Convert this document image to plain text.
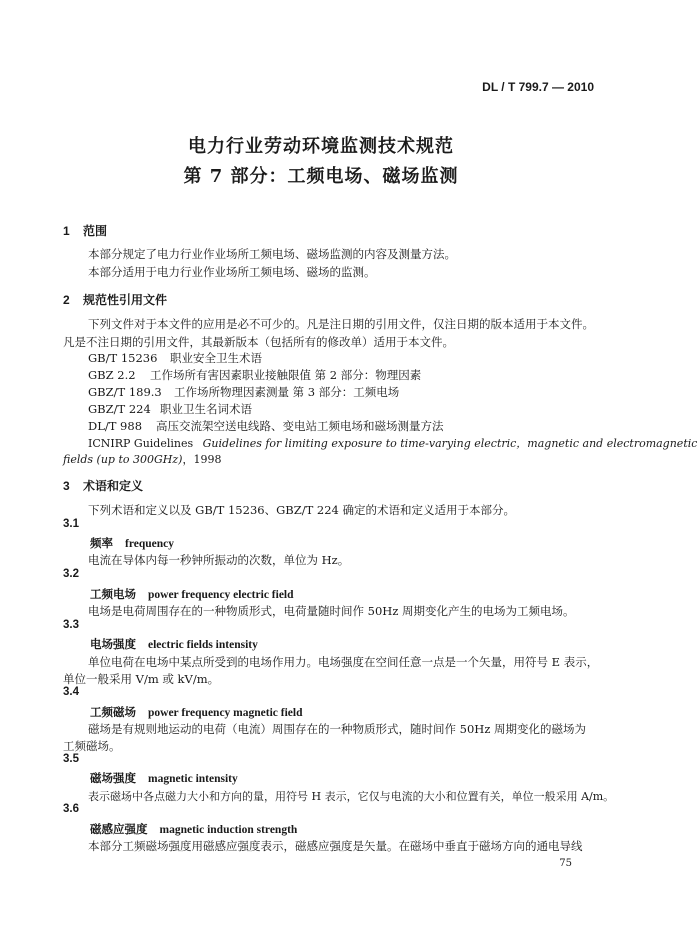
DL / T 799.7 — 2010
电力行业劳动环境监测技术规范
第 7 部分：工频电场、磁场监测
1 范围
本部分规定了电力行业作业场所工频电场、磁场监测的内容及测量方法。
本部分适用于电力行业作业场所工频电场、磁场的监测。
2 规范性引用文件
下列文件对于本文件的应用是必不可少的。凡是注日期的引用文件，仅注日期的版本适用于本文件。
凡是不注日期的引用文件，其最新版本（包括所有的修改单）适用于本文件。
GB/T 15236 职业安全卫生术语
GBZ 2.2 工作场所有害因素职业接触限值 第 2 部分：物理因素
GBZ/T 189.3 工作场所物理因素测量 第 3 部分：工频电场
GBZ/T 224 职业卫生名词术语
DL/T 988 高压交流架空送电线路、变电站工频电场和磁场测量方法
ICNIRP Guidelines Guidelines for limiting exposure to time-varying electric，magnetic and electromagnetic
fields (up to 300GHz)，1998
3 术语和定义
下列术语和定义以及 GB/T 15236、GBZ/T 224 确定的术语和定义适用于本部分。
3.1
频率 frequency
电流在导体内每一秒钟所振动的次数，单位为 Hz。
3.2
工频电场 power frequency electric field
电场是电荷周围存在的一种物质形式，电荷量随时间作 50Hz 周期变化产生的电场为工频电场。
3.3
电场强度 electric fields intensity
单位电荷在电场中某点所受到的电场作用力。电场强度在空间任意一点是一个矢量，用符号 E 表示，
单位一般采用 V/m 或 kV/m。
3.4
工频磁场 power frequency magnetic field
磁场是有规则地运动的电荷（电流）周围存在的一种物质形式，随时间作 50Hz 周期变化的磁场为
工频磁场。
3.5
磁场强度 magnetic intensity
表示磁场中各点磁力大小和方向的量，用符号 H 表示，它仅与电流的大小和位置有关，单位一般采用 A/m。
3.6
磁感应强度 magnetic induction strength
本部分工频磁场强度用磁感应强度表示，磁感应强度是矢量。在磁场中垂直于磁场方向的通电导线
75
